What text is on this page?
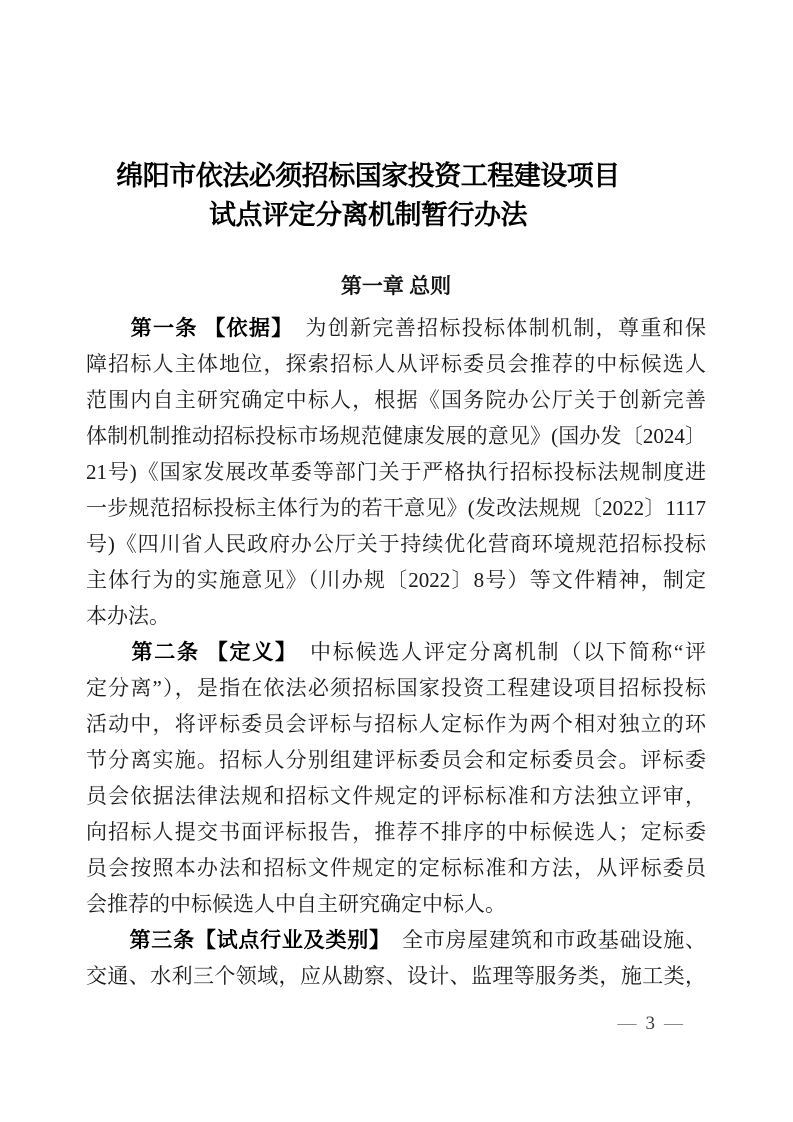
绵阳市依法必须招标国家投资工程建设项目
试点评定分离机制暂行办法
第一章 总则
　　第一条 【依据】　为创新完善招标投标体制机制，尊重和保
障招标人主体地位，探索招标人从评标委员会推荐的中标候选人
范围内自主研究确定中标人，根据《国务院办公厅关于创新完善
体制机制推动招标投标市场规范健康发展的意见》(国办发〔2024〕
21号)《国家发展改革委等部门关于严格执行招标投标法规制度进
一步规范招标投标主体行为的若干意见》(发改法规规〔2022〕1117
号)《四川省人民政府办公厅关于持续优化营商环境规范招标投标
主体行为的实施意见》（川办规〔2022〕8号）等文件精神，制定
本办法。
　　第二条 【定义】　中标候选人评定分离机制（以下简称“评
定分离”），是指在依法必须招标国家投资工程建设项目招标投标
活动中，将评标委员会评标与招标人定标作为两个相对独立的环
节分离实施。招标人分别组建评标委员会和定标委员会。评标委
员会依据法律法规和招标文件规定的评标标准和方法独立评审，
向招标人提交书面评标报告，推荐不排序的中标候选人；定标委
员会按照本办法和招标文件规定的定标标准和方法，从评标委员
会推荐的中标候选人中自主研究确定中标人。
　　第三条【试点行业及类别】　全市房屋建筑和市政基础设施、
交通、水利三个领域，应从勘察、设计、监理等服务类，施工类，
— 3 —
